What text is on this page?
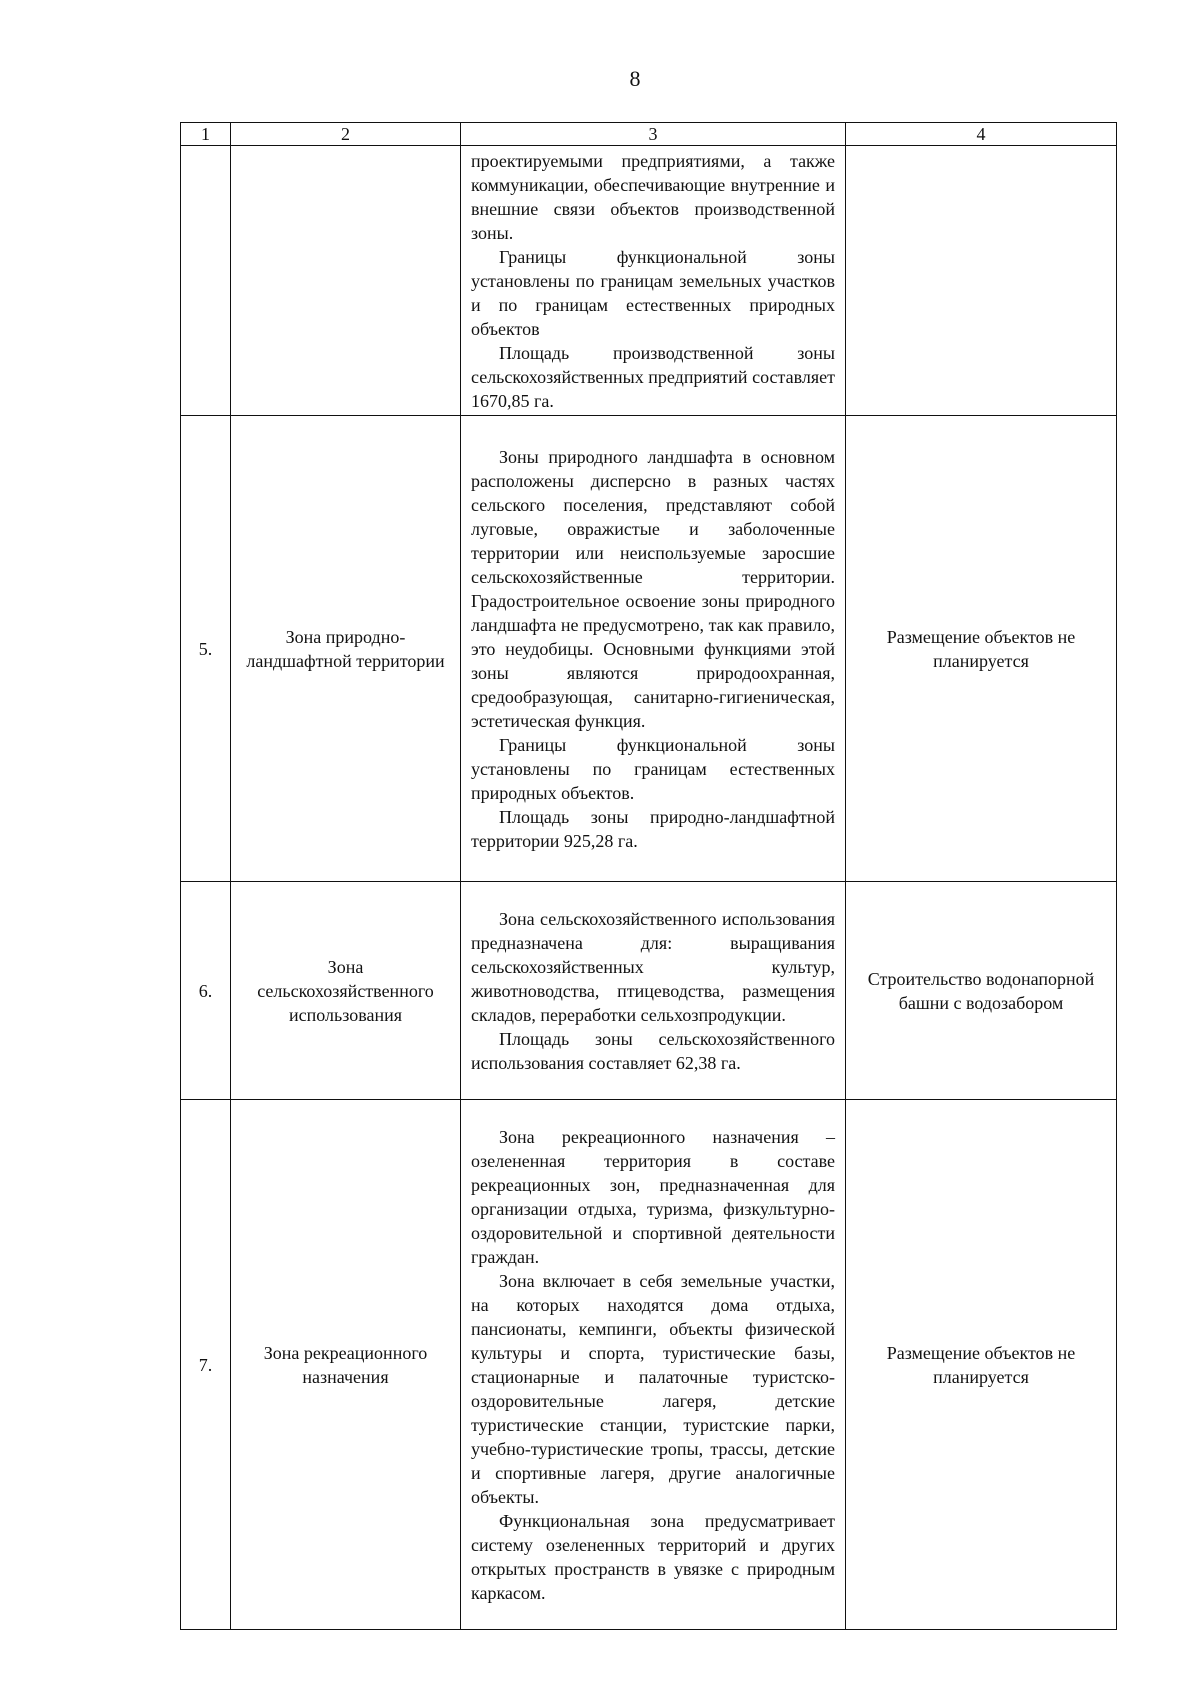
8
1	2	3	4

		проектируемыми предприятиями, а также коммуникации, обеспечивающие внутренние и внешние связи объектов производственной зоны.

Границы функциональной зоны установлены по границам земельных участков и по границам естественных природных объектов

Площадь производственной зоны сельскохозяйственных предприятий составляет 1670,85 га.	

5.	Зона природно-ландшафтной территории	Зоны природного ландшафта в основном расположены дисперсно в разных частях сельского поселения, представляют собой луговые, овражистые и заболоченные территории или неиспользуемые заросшие сельскохозяйственные территории. Градостроительное освоение зоны природного ландшафта не предусмотрено, так как правило, это неудобицы. Основными функциями этой зоны являются природоохранная, средообразующая, санитарно-гигиеническая, эстетическая функция.

Границы функциональной зоны установлены по границам естественных природных объектов.

Площадь зоны природно-ландшафтной территории 925,28 га.	Размещение объектов не планируется
6.	Зона сельскохозяйственного использования	Зона сельскохозяйственного использования предназначена для: выращивания сельскохозяйственных культур, животноводства, птицеводства, размещения складов, переработки сельхозпродукции.

Площадь зоны сельскохозяйственного использования составляет 62,38 га.	Строительство водонапорной башни с водозабором
7.	Зона рекреационного назначения	Зона рекреационного назначения – озелененная территория в составе рекреационных зон, предназначенная для организации отдыха, туризма, физкультурно-оздоровительной и спортивной деятельности граждан.

Зона включает в себя земельные участки, на которых находятся дома отдыха, пансионаты, кемпинги, объекты физической культуры и спорта, туристические базы, стационарные и палаточные туристско-оздоровительные лагеря, детские туристические станции, туристские парки, учебно-туристические тропы, трассы, детские и спортивные лагеря, другие аналогичные объекты.

Функциональная зона предусматривает систему озелененных территорий и других открытых пространств в увязке с природным каркасом.	Размещение объектов не планируется
